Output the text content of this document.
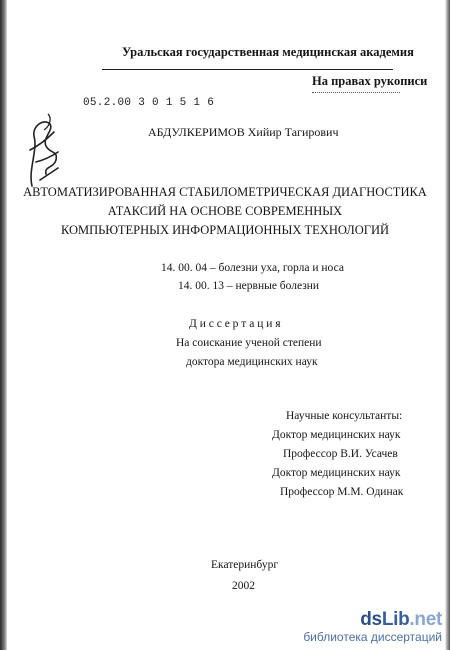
Уральская государственная медицинская академия
На правах рукописи
05.2.00 3 0 1 5 1 6
АБДУЛКЕРИМОВ Хийир Тагирович
АВТОМАТИЗИРОВАННАЯ СТАБИЛОМЕТРИЧЕСКАЯ ДИАГНОСТИКА
АТАКСИЙ НА ОСНОВЕ СОВРЕМЕННЫХ
КОМПЬЮТЕРНЫХ ИНФОРМАЦИОННЫХ ТЕХНОЛОГИЙ
14. 00. 04 – болезни уха, горла и носа
14. 00. 13 – нервные болезни
Д и с с е р т а ц и я
На соискание ученой степени
доктора медицинских наук
Научные консультанты:
Доктор медицинских наук
Профессор В.И. Усачев
Доктор медицинских наук
Профессор М.М. Одинак
Екатеринбург
2002
dsLib.net
библиотека диссертаций
